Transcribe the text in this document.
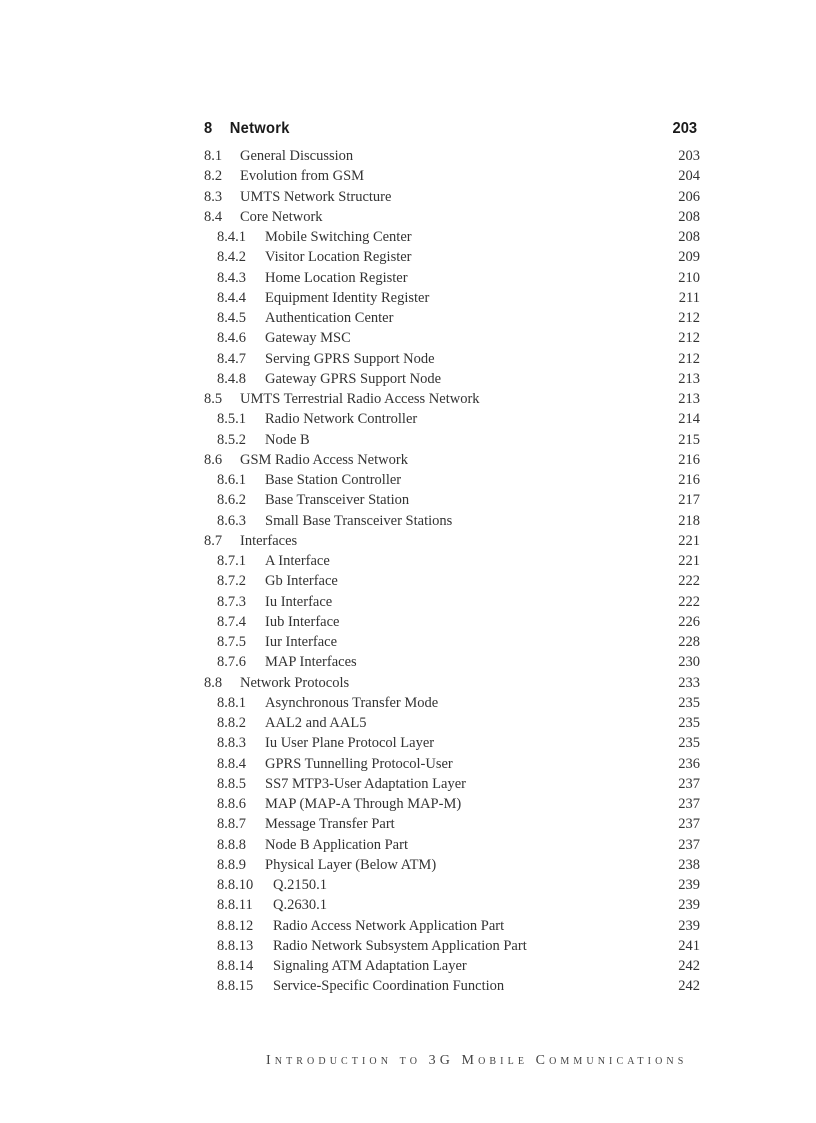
8 Network	203
8.1 General Discussion	203
8.2 Evolution from GSM	204
8.3 UMTS Network Structure	206
8.4 Core Network	208
8.4.1 Mobile Switching Center	208
8.4.2 Visitor Location Register	209
8.4.3 Home Location Register	210
8.4.4 Equipment Identity Register	211
8.4.5 Authentication Center	212
8.4.6 Gateway MSC	212
8.4.7 Serving GPRS Support Node	212
8.4.8 Gateway GPRS Support Node	213
8.5 UMTS Terrestrial Radio Access Network	213
8.5.1 Radio Network Controller	214
8.5.2 Node B	215
8.6 GSM Radio Access Network	216
8.6.1 Base Station Controller	216
8.6.2 Base Transceiver Station	217
8.6.3 Small Base Transceiver Stations	218
8.7 Interfaces	221
8.7.1 A Interface	221
8.7.2 Gb Interface	222
8.7.3 Iu Interface	222
8.7.4 Iub Interface	226
8.7.5 Iur Interface	228
8.7.6 MAP Interfaces	230
8.8 Network Protocols	233
8.8.1 Asynchronous Transfer Mode	235
8.8.2 AAL2 and AAL5	235
8.8.3 Iu User Plane Protocol Layer	235
8.8.4 GPRS Tunnelling Protocol-User	236
8.8.5 SS7 MTP3-User Adaptation Layer	237
8.8.6 MAP (MAP-A Through MAP-M)	237
8.8.7 Message Transfer Part	237
8.8.8 Node B Application Part	237
8.8.9 Physical Layer (Below ATM)	238
8.8.10 Q.2150.1	239
8.8.11 Q.2630.1	239
8.8.12 Radio Access Network Application Part	239
8.8.13 Radio Network Subsystem Application Part	241
8.8.14 Signaling ATM Adaptation Layer	242
8.8.15 Service-Specific Coordination Function	242
Introduction to 3G Mobile Communications
